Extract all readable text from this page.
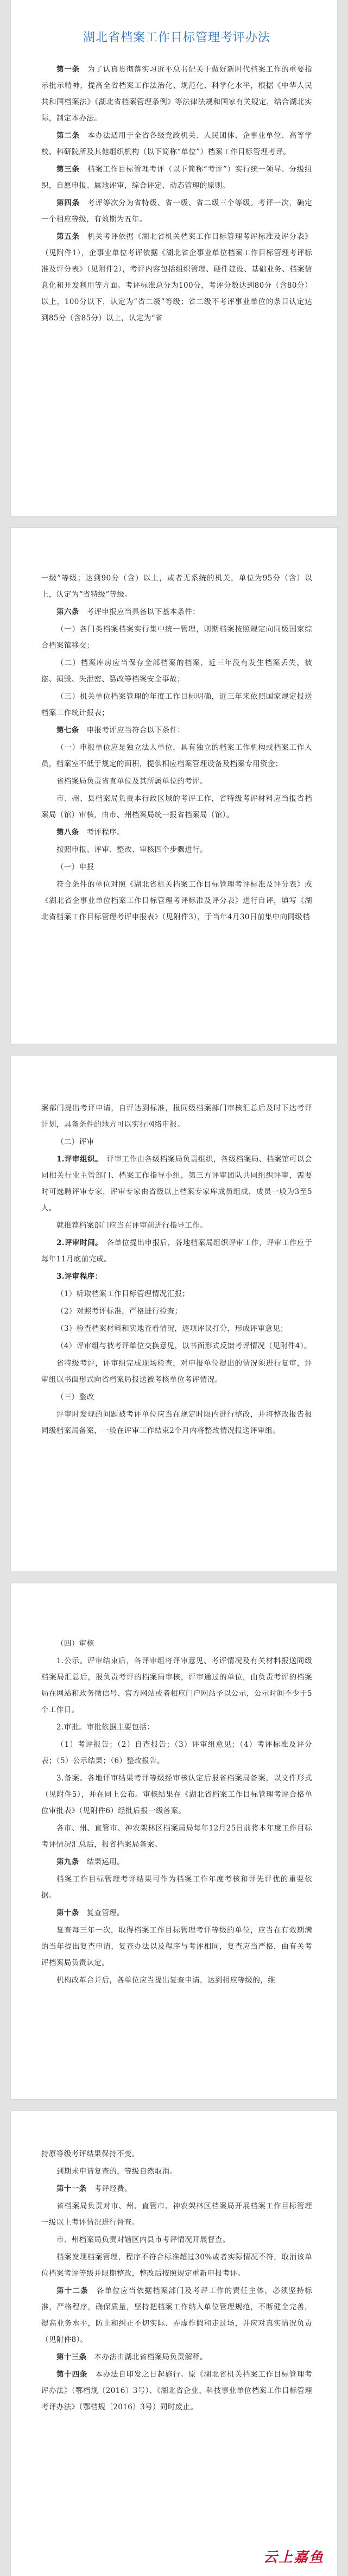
湖北省档案工作目标管理考评办法

第一条　 为了认真贯彻落实习近平总书记关于做好新时代档案工作的重要指示批示精神，提高全省档案工作法治化、规范化、科学化水平，根据《中华人民共和国档案法》《湖北省档案管理条例》等法律法规和国家有关规定，结合湖北实际，制定本办法。

第二条　 本办法适用于全省各级党政机关、人民团体、企事业单位、高等学校、科研院所及其他组织机构（以下简称“单位”）档案工作目标管理考评。

第三条　 档案工作目标管理考评（以下简称“考评”）实行统一领导、分级组织，自愿申报、属地评审，综合评定、动态管理的原则。

第四条　 考评等次分为省特级、省一级、省二级三个等级。考评一次，确定一个相应等级，有效期为五年。

第五条　 机关考评依据《湖北省机关档案工作目标管理考评标准及评分表》（见附件1），企事业单位考评依据《湖北省企事业单位档案工作目标管理考评标准及评分表》（见附件2），考评内容包括组织管理、硬件建设、基础业务、档案信息化和开发利用等方面。考评标准总分为100分，考评分数达到80分（含80分）以上，100分以下，认定为“省二级”等级；省二级不考评事业单位的条目认定达到85分（含85分）以上，认定为“省

一级”等级；达到90分（含）以上，或者无系统的机关，单位为95分（含）以上，认定为“省特级”等级。

第六条　 考评申报应当具备以下基本条件：

（一）各门类档案档案实行集中统一管理，则期档案按照规定向同级国家综合档案馆移交；

（二）档案库房应当保存全部档案的档案，近三年没有发生档案丢失、被盗、损毁、失泄密、篡改等档案安全事故；

（三）机关单位档案管理的年度工作目标明确，近三年来依照国家规定报送档案工作统计报表；

第七条　 申报考评应当符合以下条件：

（一）申报单位应是独立法人单位，具有独立的档案工作机构或档案工作人员，档案室不低于规定的面积，提供相应档案管理设备及档案专用资金；

省档案局负责省直单位及其所属单位的考评。

市、州、县档案局负责本行政区域的考评工作，省特级考评材料应当报省档案局（馆）审核，由市、州档案局统一报省档案局（馆）。

第八条　 考评程序。

按照申报、评审、整改、审核四个步骤进行。

（一）申报

符合条件的单位对照《湖北省机关档案工作目标管理考评标准及评分表》或《湖北省企事业单位档案工作目标管理考评标准及评分表》进行自评，填写《湖北省档案工作目标管理考评申报表》（见附件3），于当年4月30日前集中向同级档

案部门提出考评申请，自评达到标准，报同级档案部门审核汇总后及时下达考评计划，具备条件的地方可以实行网络申报。

（二）评审

1.评审组织。　 评审工作由各级档案局负责组织，各级档案局、档案馆可以会同相关行业主管部门、档案工作指导小组，第三方评审团队共同组织评审，需要时可选聘评审专家，评审专家由省级以上档案专家库成员组成，成员一般为3至5人。

就推荐档案部门应当在评审前进行指导工作。

2.评审时间。　 各单位提出申报后，各地档案局组织评审工作，评审工作应于每年11月底前完成。

3.评审程序：　

（1）听取档案工作目标管理情况汇报；

（2）对照考评标准，严格进行检查；

（3）检查档案材料和实地查看情况，逐项评议打分，形成评审意见；

（4）评审组与被考评单位交换意见，以书面形式反馈考评情况（见附件4）。

省特级考评，评审组完成现场检查，对申报单位提出的情况须进行复审，评审组以书面形式向省档案局报送被考核单位考评情况。

（三）整改

评审时发现的问题被考评单位应当在规定时限内进行整改，并将整改报告报同级档案局备案，一般在评审工作结束2个月内将整改情况报送评审组。

（四）审核

1.公示。评审结束后，各评审组将评审意见、考评情况及有关材料报送同级档案局汇总后，报负责考评的档案局审核，评审通过的单位，由负责考评的档案局在网站和政务微信号、官方网站或者相应门户网站予以公示，公示时间不少于5个工作日。

2.审批。审批依据主要包括：

（1）考评报告；（2）自查报告；（3）评审组意见；（4）考评标准及评分表；（5）公示结果；（6）整改报告。

3.备案。各地评审结果考评等级经审核认定后报省档案局备案，以文件形式（见附件5），并在同上公布。审核结果在《湖北省档案工作目标管理考评合格单位审批表》（见附件6）经批后报一级备案。

各市、州、直管市、神农架林区档案局局每年12月25日前将本年度工作目标考评情况汇总后，报省档案局备案。

第九条　 结果运用。

档案工作目标管理考评结果可作为档案工作年度考核和评先评优的重要依据。

第十条　 复查管理。

复查每三年一次，取得档案工作目标管理考评等级的单位，应当在有效期满的当年提出复查申请，复查办法以及程序与考评相同，复查应当严格，由有关考评档案局负责认定。

机构改革合并后，各单位应当提出复查申请，达到相应等级的，维

持原等级考评结果保持不变。

到期未申请复查的，等级自然取消。

第十一条　 考评经费。

省档案局负责对市、州、直管市、神农架林区档案局开展档案工作目标管理一级以上考评情况进行督查。

市、州档案局负责对辖区内县市考评情况开展督查。

档案发现档案管理，程序不符合标准超过30%或者实际情况不符，取消该单位档案考评等级并限期整改，整改后按照规定重新申报考评。

第十二条　 各单位应当依据档案部门及考评工作的责任主体，必须坚持标准，严格程序，确保质量，坚持把档案工作纳入单位管理规范，不断健全完善，提高业务水平，防止和纠正不切实际、弄虚作假和走过场，并应对真实情况负责（见附件8）。

第十三条　 本办法由湖北省档案局负责解释。

第十四条　 本办法自印发之日起施行。原《湖北省机关档案工作目标管理考评办法》（鄂档规〔2016〕3号）、《湖北省企业、科技事业单位档案工作目标管理考评办法》（鄂档规〔2016〕3号）同时废止。

云上嘉鱼
